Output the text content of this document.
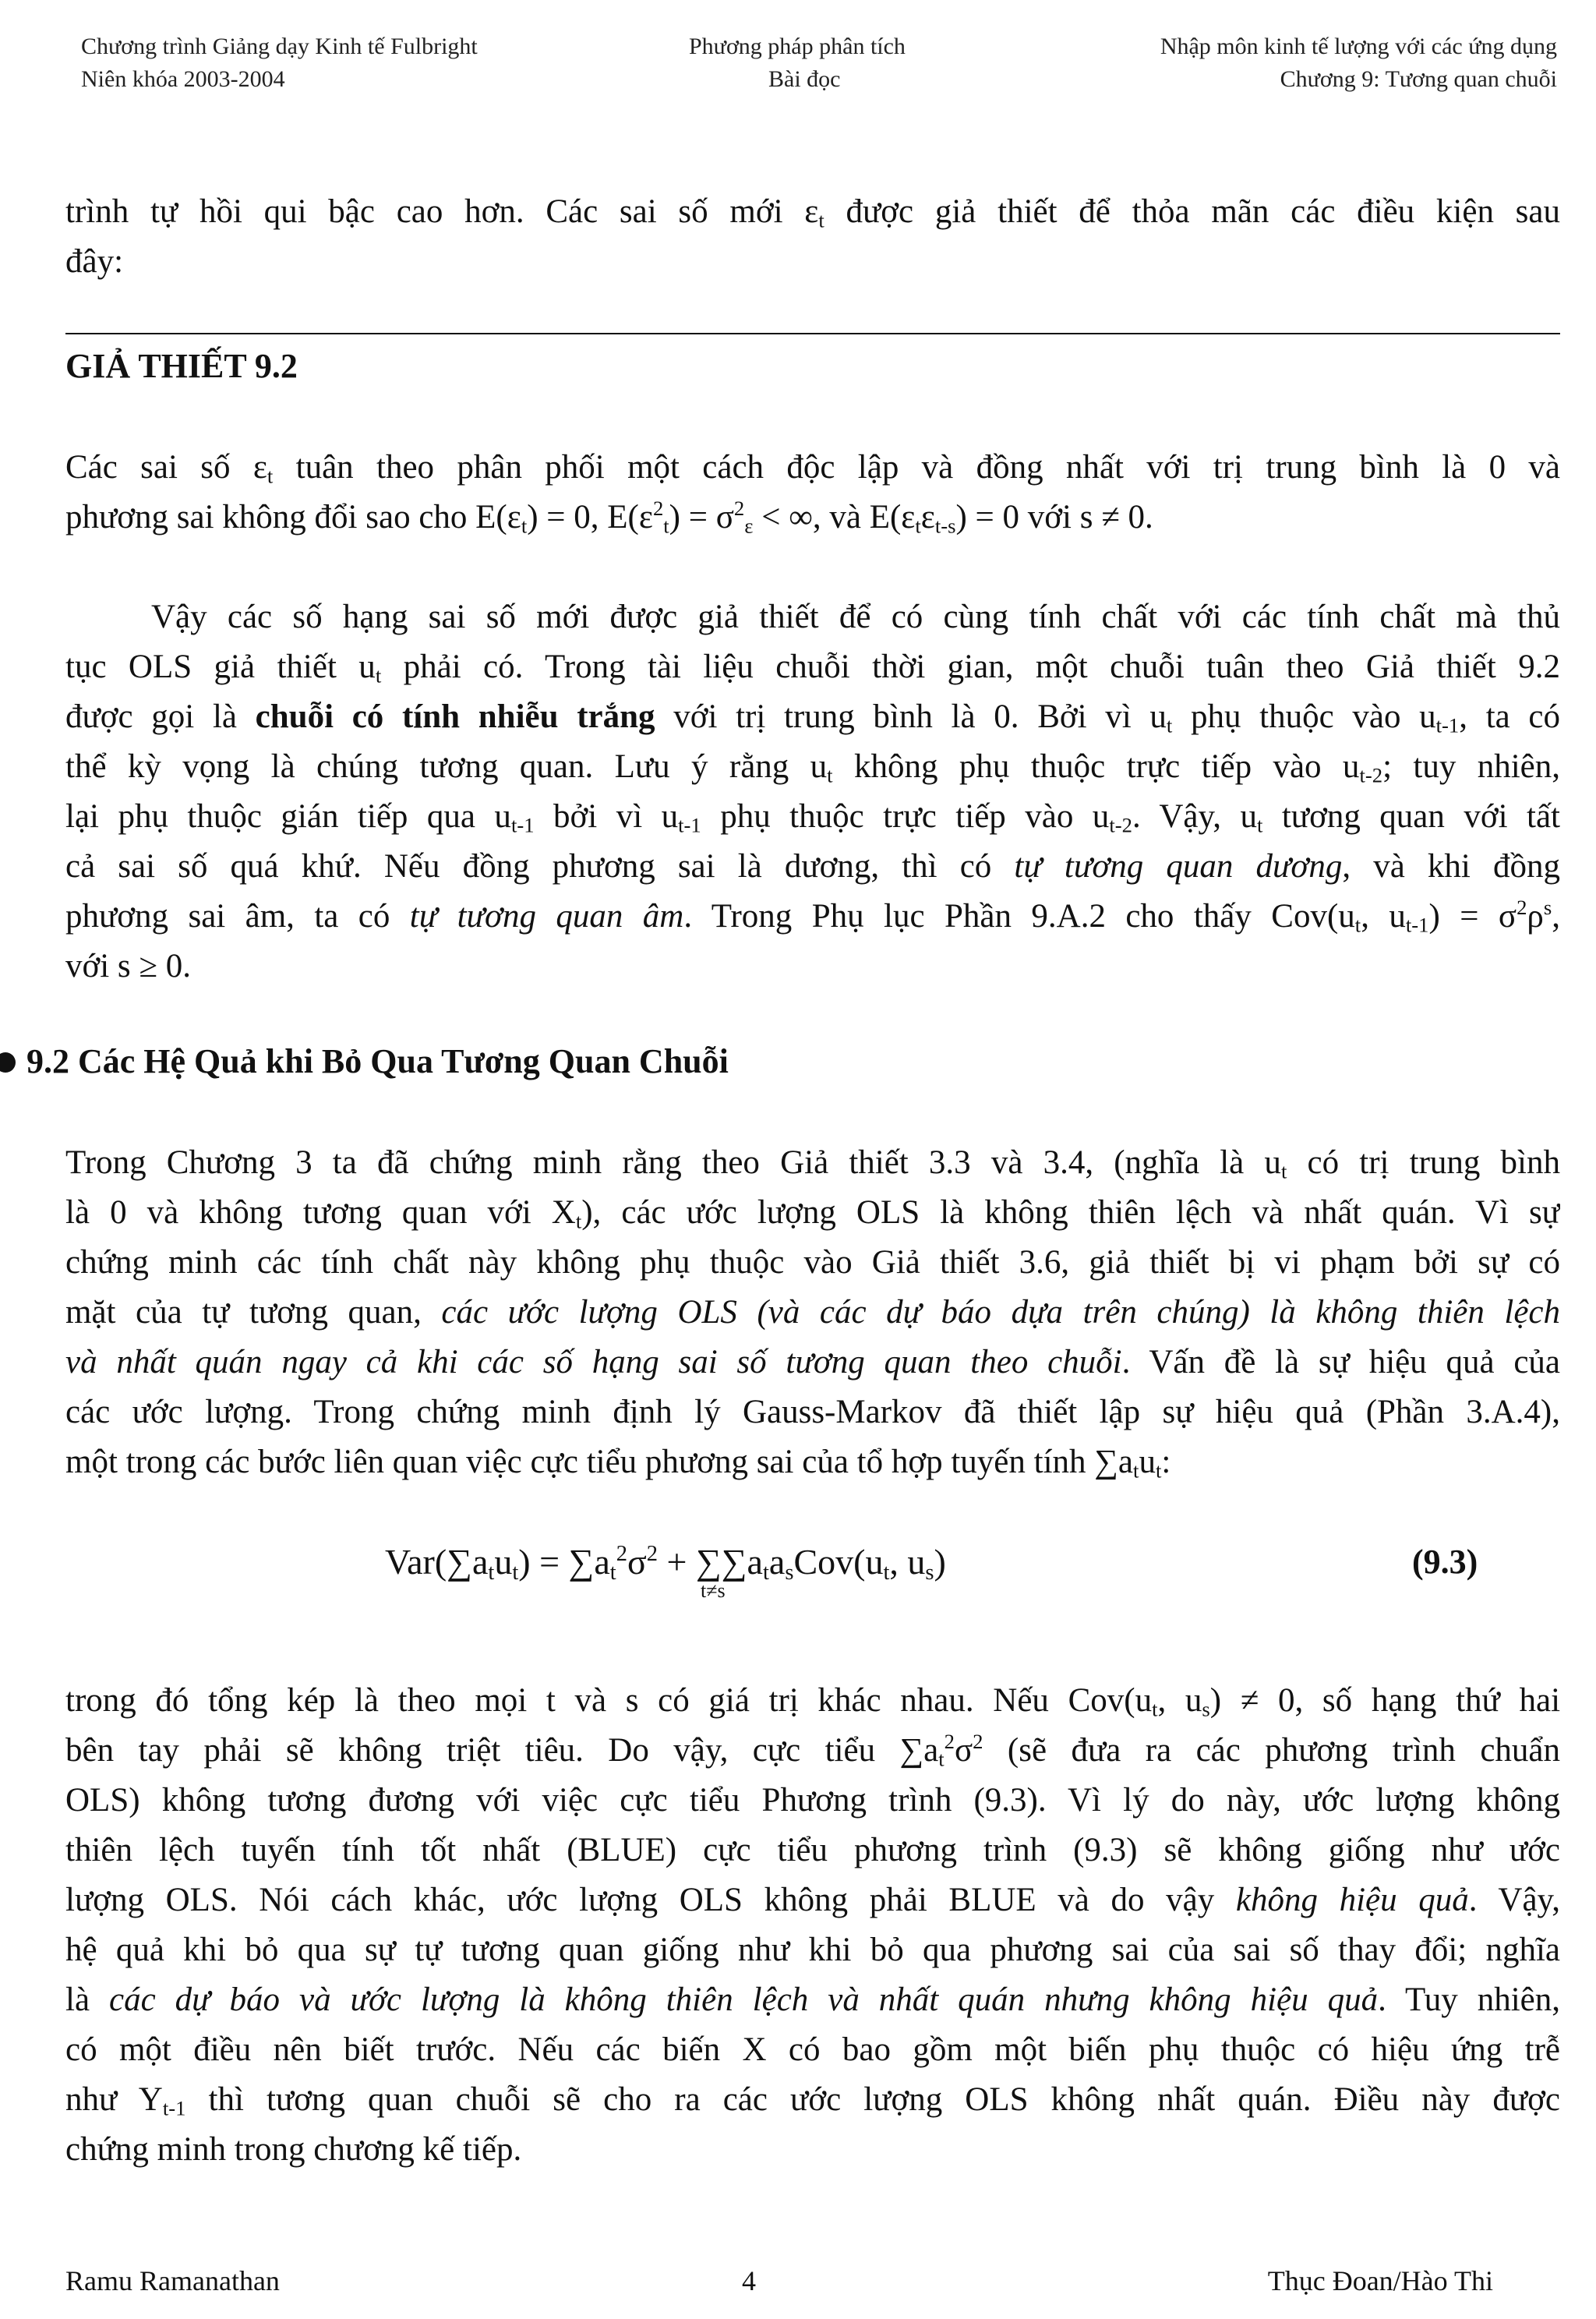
Chương trình Giảng dạy Kinh tế Fulbright
Niên khóa 2003-2004
Phương pháp phân tích
Bài đọc
Nhập môn kinh tế lượng với các ứng dụng
Chương 9: Tương quan chuỗi
trình tự hồi qui bậc cao hơn. Các sai số mới $\varepsilon_t$ được giả thiết để thỏa mãn các điều kiện sau
đây:
GIẢ THIẾT 9.2
Các sai số $\varepsilon_t$ tuân theo phân phối một cách độc lập và đồng nhất với trị trung bình là 0 và
phương sai không đổi sao cho $E(\varepsilon_t) = 0$, $E(\varepsilon^2_t) = \sigma^2_\varepsilon$ < ∞, và $E(\varepsilon_t\varepsilon_{t-s}) = 0$ với s ≠ 0.
Vậy các số hạng sai số mới được giả thiết để có cùng tính chất với các tính chất mà thủ
tục OLS giả thiết $u_t$ phải có. Trong tài liệu chuỗi thời gian, một chuỗi tuân theo Giả thiết 9.2
được gọi là chuỗi có tính nhiễu trắng với trị trung bình là 0. Bởi vì $u_t$ phụ thuộc vào $u_{t-1}$, ta có
thể kỳ vọng là chúng tương quan. Lưu ý rằng $u_t$ không phụ thuộc trực tiếp vào $u_{t-2}$; tuy nhiên,
lại phụ thuộc gián tiếp qua $u_{t-1}$ bởi vì $u_{t-1}$ phụ thuộc trực tiếp vào $u_{t-2}$. Vậy, $u_t$ tương quan với tất
cả sai số quá khứ. Nếu đồng phương sai là dương, thì có tự tương quan dương, và khi đồng
phương sai âm, ta có tự tương quan âm. Trong Phụ lục Phần 9.A.2 cho thấy $Cov(u_t$, $u_{t-1}) = \sigma^2\rho^s$,
với s ≥ 0.
9.2 Các Hệ Quả khi Bỏ Qua Tương Quan Chuỗi
Trong Chương 3 ta đã chứng minh rằng theo Giả thiết 3.3 và 3.4, (nghĩa là $u_t$ có trị trung bình
là 0 và không tương quan với $X_t$), các ước lượng OLS là không thiên lệch và nhất quán. Vì sự
chứng minh các tính chất này không phụ thuộc vào Giả thiết 3.6, giả thiết bị vi phạm bởi sự có
mặt của tự tương quan, các ước lượng OLS (và các dự báo dựa trên chúng) là không thiên lệch
và nhất quán ngay cả khi các số hạng sai số tương quan theo chuỗi. Vấn đề là sự hiệu quả của
các ước lượng. Trong chứng minh định lý Gauss-Markov đã thiết lập sự hiệu quả (Phần 3.A.4),
một trong các bước liên quan việc cực tiểu phương sai của tổ hợp tuyến tính $\sum a_tu_t$:
$Var(\sum a_tu_t) = \sum a_t^2\sigma^2$ + ∑
t≠s
$\sum a_ta_sCov(u_t$, $u_s$)	(9.3)
trong đó tổng kép là theo mọi t và s có giá trị khác nhau. Nếu $Cov(u_t$, $u_s) \ne 0$, số hạng thứ hai
bên tay phải sẽ không triệt tiêu. Do vậy, cực tiểu $\sum a_t^2\sigma^2$ (sẽ đưa ra các phương trình chuẩn
OLS) không tương đương với việc cực tiểu Phương trình (9.3). Vì lý do này, ước lượng không
thiên lệch tuyến tính tốt nhất (BLUE) cực tiểu phương trình (9.3) sẽ không giống như ước
lượng OLS. Nói cách khác, ước lượng OLS không phải BLUE và do vậy không hiệu quả. Vậy,
hệ quả khi bỏ qua sự tự tương quan giống như khi bỏ qua phương sai của sai số thay đổi; nghĩa
là các dự báo và ước lượng là không thiên lệch và nhất quán nhưng không hiệu quả. Tuy nhiên,
có một điều nên biết trước. Nếu các biến X có bao gồm một biến phụ thuộc có hiệu ứng trễ
như $Y_{t-1}$ thì tương quan chuỗi sẽ cho ra các ước lượng OLS không nhất quán. Điều này được
chứng minh trong chương kế tiếp.
Ramu Ramanathan	4	Thục Đoan/Hào Thi
